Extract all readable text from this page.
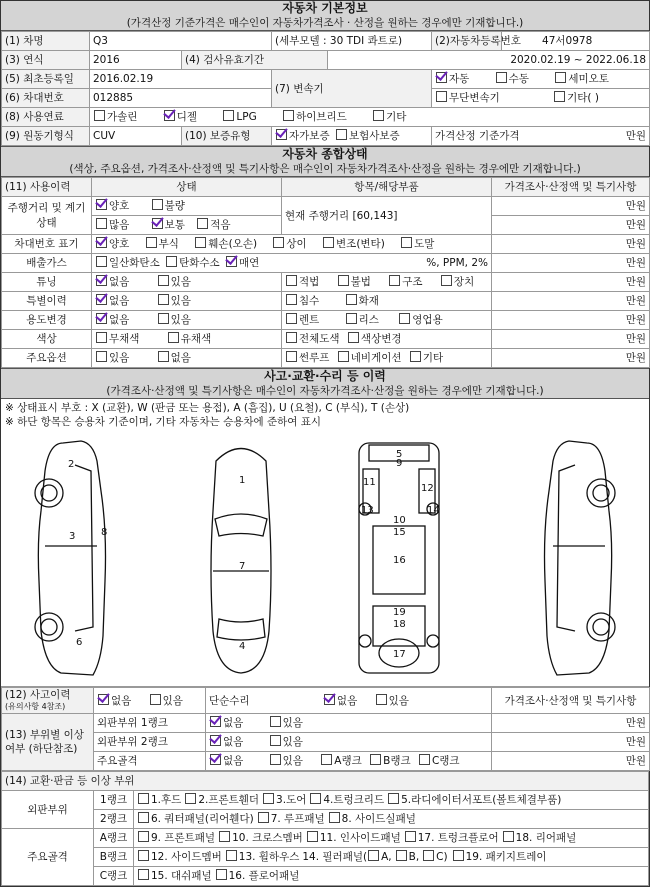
자동차 기본정보
(가격산정 기준가격은 매수인이 자동차가격조사 · 산정을 원하는 경우에만 기재합니다.)
(1) 차명	Q3		(세부모델 : 30 TDI 콰트로)		(2)자동차등록번호	47서0978
(3) 연식	2016	(4) 검사유효기간		2020.02.19 ~ 2022.06.18		
(5) 최초등록일	2016.02.19		(7) 변속기		자동 수동 세미오토	
(6) 차대번호	012885				무단변속기 기타( )	
(8) 사용연료	가솔린 디젤 LPG 하이브리드 기타					
(9) 원동기형식	CUV	(10) 보증유형	자가보증 보험사보증		가격산정 기준가격 만원	
자동차 종합상태
(색상, 주요옵션, 가격조사·산정액 및 특기사항은 매수인이 자동차가격조사·산정을 원하는 경우에만 기재합니다.)
(11) 사용이력	상태	항목/해당부품	가격조사·산정액 및 특기사항
주행거리 및 계기상태	양호 불량	현재 주행거리 [60,143]	만원
	많음 보통 적음		만원
차대번호 표기	양호 부식 훼손(오손) 상이 변조(변타) 도말		만원
배출가스	일산화탄소 탄화수소 매연 %, PPM, 2%		만원
튜닝	없음 있음	적법 불법 구조 장치	만원
특별이력	없음 있음	침수 화재	만원
용도변경	없음 있음	렌트 리스 영업용	만원
색상	무채색 유채색	전체도색 색상변경	만원
주요옵션	있음 없음	썬루프 네비게이션 기타	만원
사고·교환·수리 등 이력
(가격조사·산정액 및 특기사항은 매수인이 자동차가격조사·산정을 원하는 경우에만 기재합니다.)
※ 상태표시 부호 : X (교환), W (판금 또는 용접), A (흠집), U (요철), C (부식), T (손상)
※ 하단 항목은 승용차 기준이며, 기타 자동차는 승용차에 준하여 표시
2
3	8
6
1
7
4
5
9
11
12
13	14
10
15
16
19
18
17
(12) 사고이력
(유의사항 4참조)	없음 있음	단순수리 없음 있음	가격조사·산정액 및 특기사항
(13) 부위별 이상여부 (하단참조)	외판부위 1랭크	없음 있음	만원
	외판부위 2랭크	없음 있음	만원
	주요골격	없음 있음 A랭크 B랭크 C랭크	만원
(14) 교환·판금 등 이상 부위		
외판부위	1랭크	1.후드 2.프론트휀더 3.도어 4.트렁크리드 5.라디에이터서포트(볼트체결부품)
	2랭크	6. 쿼터패널(리어휀다) 7. 루프패널 8. 사이드실패널
주요골격	A랭크	9. 프론트패널 10. 크로스멤버 11. 인사이드패널 17. 트렁크플로어 18. 리어패널
	B랭크	12. 사이드멤버 13. 휠하우스 14. 필러패널( A, B, C) 19. 패키지트레이
	C랭크	15. 대쉬패널 16. 플로어패널
